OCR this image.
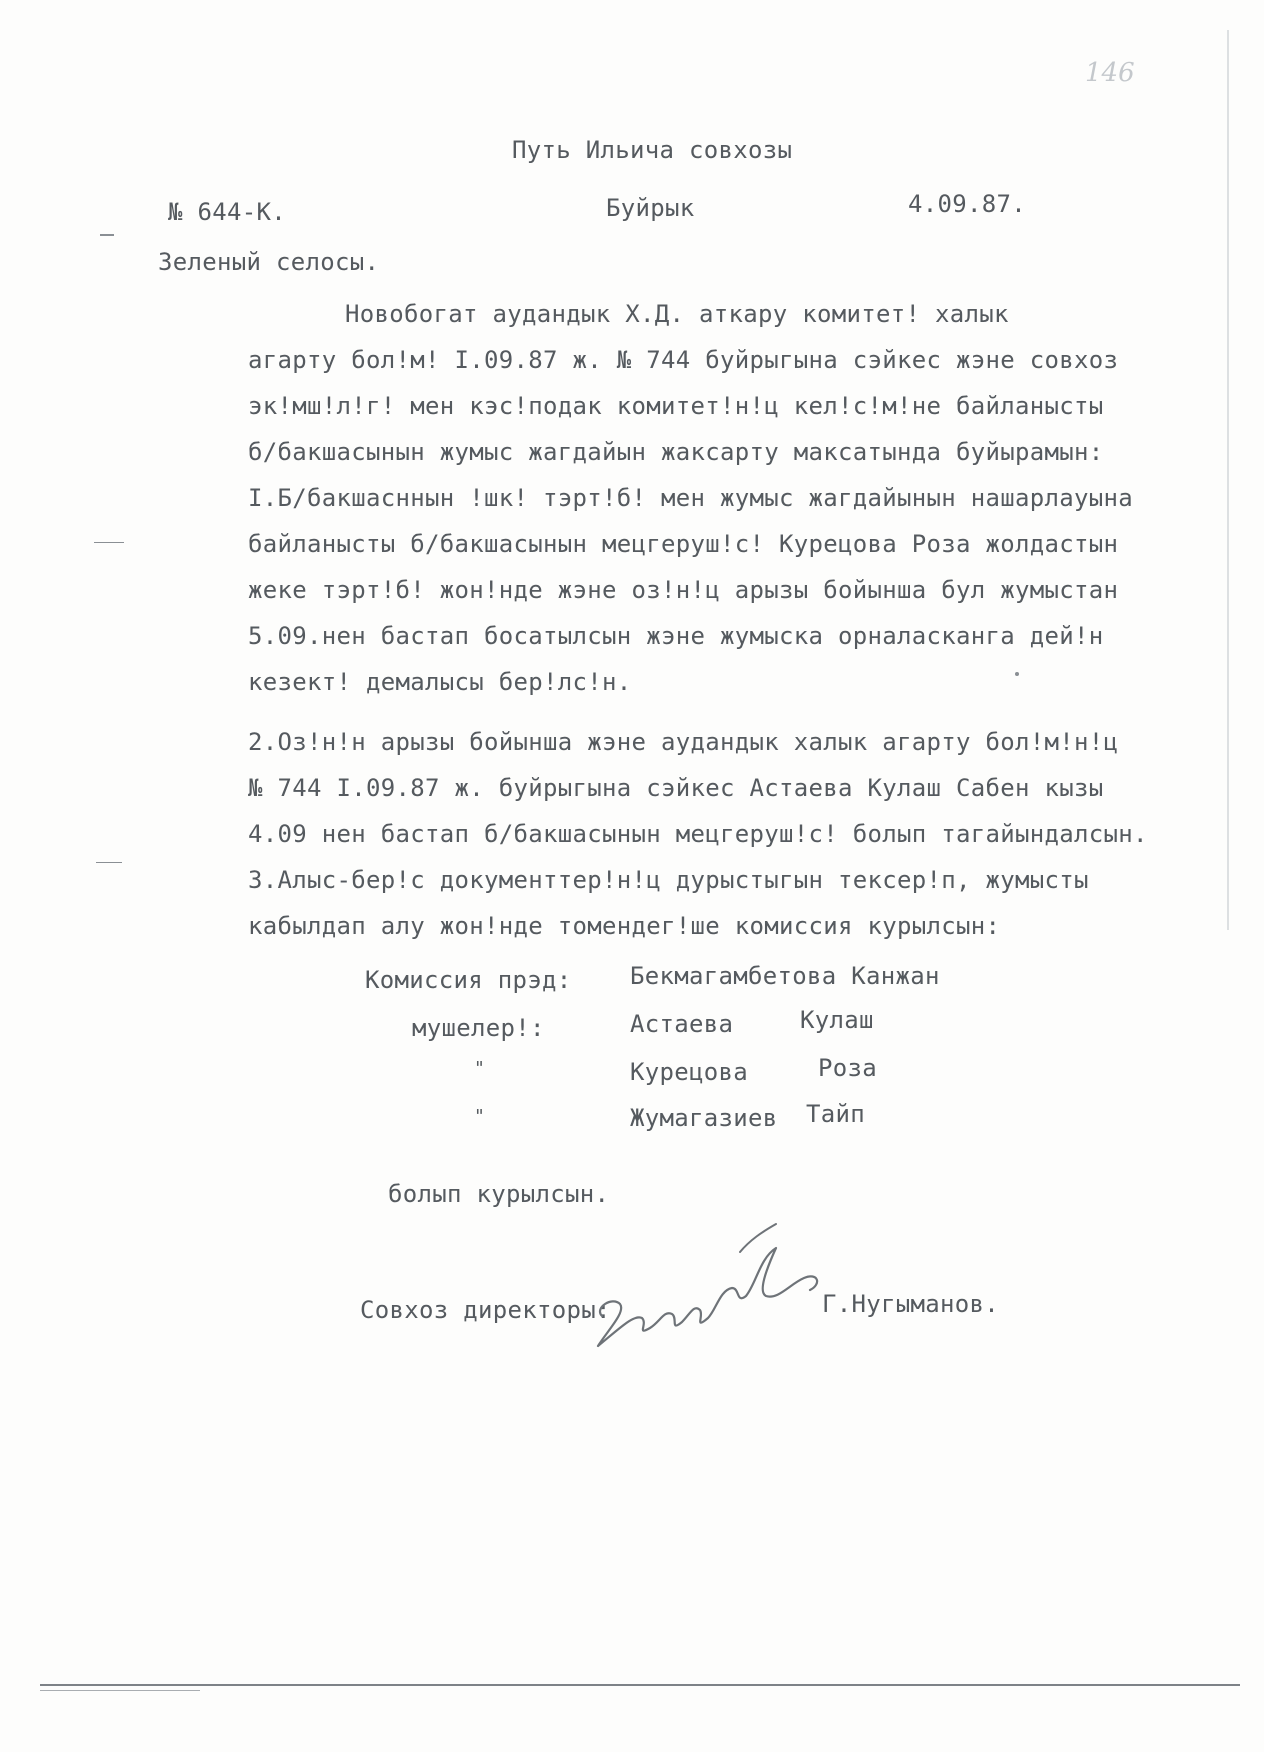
146
Путь Ильича совхозы
№ 644-К.	Буйрык	4.09.87.
Зеленый селосы.
Новобогат аудандык Х.Д. аткару комитет! халык
агарту бол!м! I.09.87 ж. № 744 буйрыгына сэйкес жэне совхоз
эк!мш!л!г! мен кэс!подак комитет!н!ц кел!с!м!не байланысты
б/бакшасынын жумыс жагдайын жаксарту максатында буйырамын:
I.Б/бакшасннын !шк! тэрт!б! мен жумыс жагдайынын нашарлауына
байланысты б/бакшасынын мецгеруш!с! Курецова Роза жолдастын
жеке тэрт!б! жон!нде жэне оз!н!ц арызы бойынша бул жумыстан
5.09.нен бастап босатылсын жэне жумыска орналасканга дей!н
кезект! демалысы бер!лс!н.
2.Оз!н!н арызы бойынша жэне аудандык халык агарту бол!м!н!ц
№ 744 I.09.87 ж. буйрыгына сэйкес Астаева Кулаш Сабен кызы
4.09 нен бастап б/бакшасынын мецгеруш!с! болып тагайындалсын.
3.Алыс-бер!с документтер!н!ц дурыстыгын тексер!п, жумысты
кабылдап алу жон!нде томендег!ше комиссия курылсын:
Комиссия прэд: Бекмагамбетова Канжан
мушелер!:	Астаева	Кулаш
"	Курецова	Роза
"	Жумагазиев Тайп
болып курылсын.
Совхоз директоры:	Г.Нугыманов.
